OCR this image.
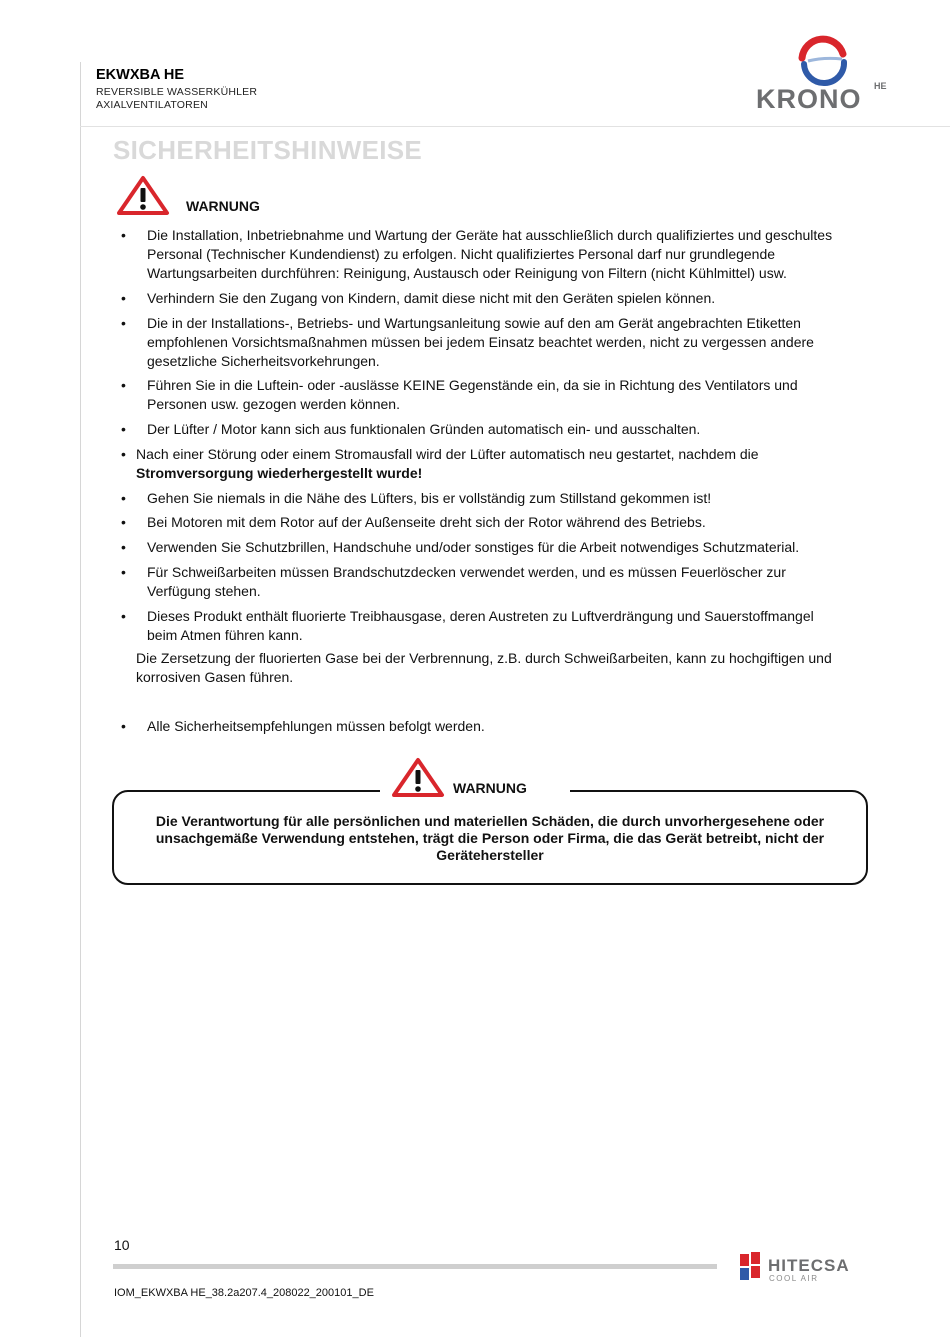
EKWXBA HE
REVERSIBLE WASSERKÜHLER
AXIALVENTILATOREN	KRONO HE
SICHERHEITSHINWEISE
WARNUNG
• Die Installation, Inbetriebnahme und Wartung der Geräte hat ausschließlich durch qualifiziertes und geschultes
Personal (Technischer Kundendienst) zu erfolgen. Nicht qualifiziertes Personal darf nur grundlegende
Wartungsarbeiten durchführen: Reinigung, Austausch oder Reinigung von Filtern (nicht Kühlmittel) usw.
• Verhindern Sie den Zugang von Kindern, damit diese nicht mit den Geräten spielen können.
• Die in der Installations-, Betriebs- und Wartungsanleitung sowie auf den am Gerät angebrachten Etiketten
empfohlenen Vorsichtsmaßnahmen müssen bei jedem Einsatz beachtet werden, nicht zu vergessen andere
gesetzliche Sicherheitsvorkehrungen.
• Führen Sie in die Luftein- oder -auslässe KEINE Gegenstände ein, da sie in Richtung des Ventilators und
Personen usw. gezogen werden können.
• Der Lüfter / Motor kann sich aus funktionalen Gründen automatisch ein- und ausschalten.
• Nach einer Störung oder einem Stromausfall wird der Lüfter automatisch neu gestartet, nachdem die
Stromversorgung wiederhergestellt wurde!
• Gehen Sie niemals in die Nähe des Lüfters, bis er vollständig zum Stillstand gekommen ist!
• Bei Motoren mit dem Rotor auf der Außenseite dreht sich der Rotor während des Betriebs.
• Verwenden Sie Schutzbrillen, Handschuhe und/oder sonstiges für die Arbeit notwendiges Schutzmaterial.
• Für Schweißarbeiten müssen Brandschutzdecken verwendet werden, und es müssen Feuerlöscher zur
Verfügung stehen.
• Dieses Produkt enthält fluorierte Treibhausgase, deren Austreten zu Luftverdrängung und Sauerstoffmangel
beim Atmen führen kann.
Die Zersetzung der fluorierten Gase bei der Verbrennung, z.B. durch Schweißarbeiten, kann zu hochgiftigen und
korrosiven Gasen führen.
• Alle Sicherheitsempfehlungen müssen befolgt werden.
WARNUNG
Die Verantwortung für alle persönlichen und materiellen Schäden, die durch unvorhergesehene oder
unsachgemäße Verwendung entstehen, trägt die Person oder Firma, die das Gerät betreibt, nicht der
Gerätehersteller
10
IOM_EKWXBA HE_38.2a207.4_208022_200101_DE
HITECSA
COOL AIR
